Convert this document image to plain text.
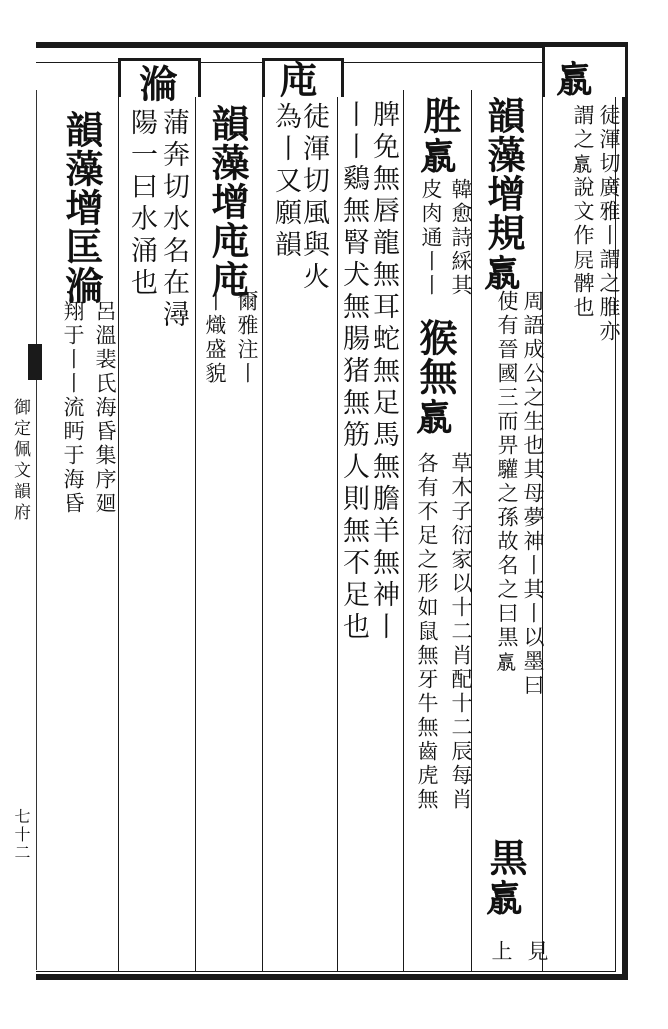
御定佩文韻府
七十二
𦝠
徒渾切廣雅丨謂之脽亦
謂之𦝠說文作𡱂髀也
韻藻增規𦝠
周語成公之生也其母夢神丨其丨以墨曰
使有晉國三而畀驩之孫故名之曰黒𦝠
黒𦝠
見
上
胜𦝠
韓愈詩綵其
皮肉通丨丨
猴無𦝠
草木子衍家以十二肖配十二辰每肖
各有不足之形如鼠無牙牛無齒虎無
脾免無唇龍無耳蛇無足馬無膽羊無神丨
丨丨鷄無腎犬無腸猪無筋人則無不足也
庉
徒渾切風與火
為丨又願韻
韻藻增庉庉
爾雅注丨
丨熾盛貌
溣
蒲奔切水名在潯
陽一曰水涌也
韻藻增匡溣
呂溫裴氏海昏集序廻
翔于丨丨流眄于海昏
